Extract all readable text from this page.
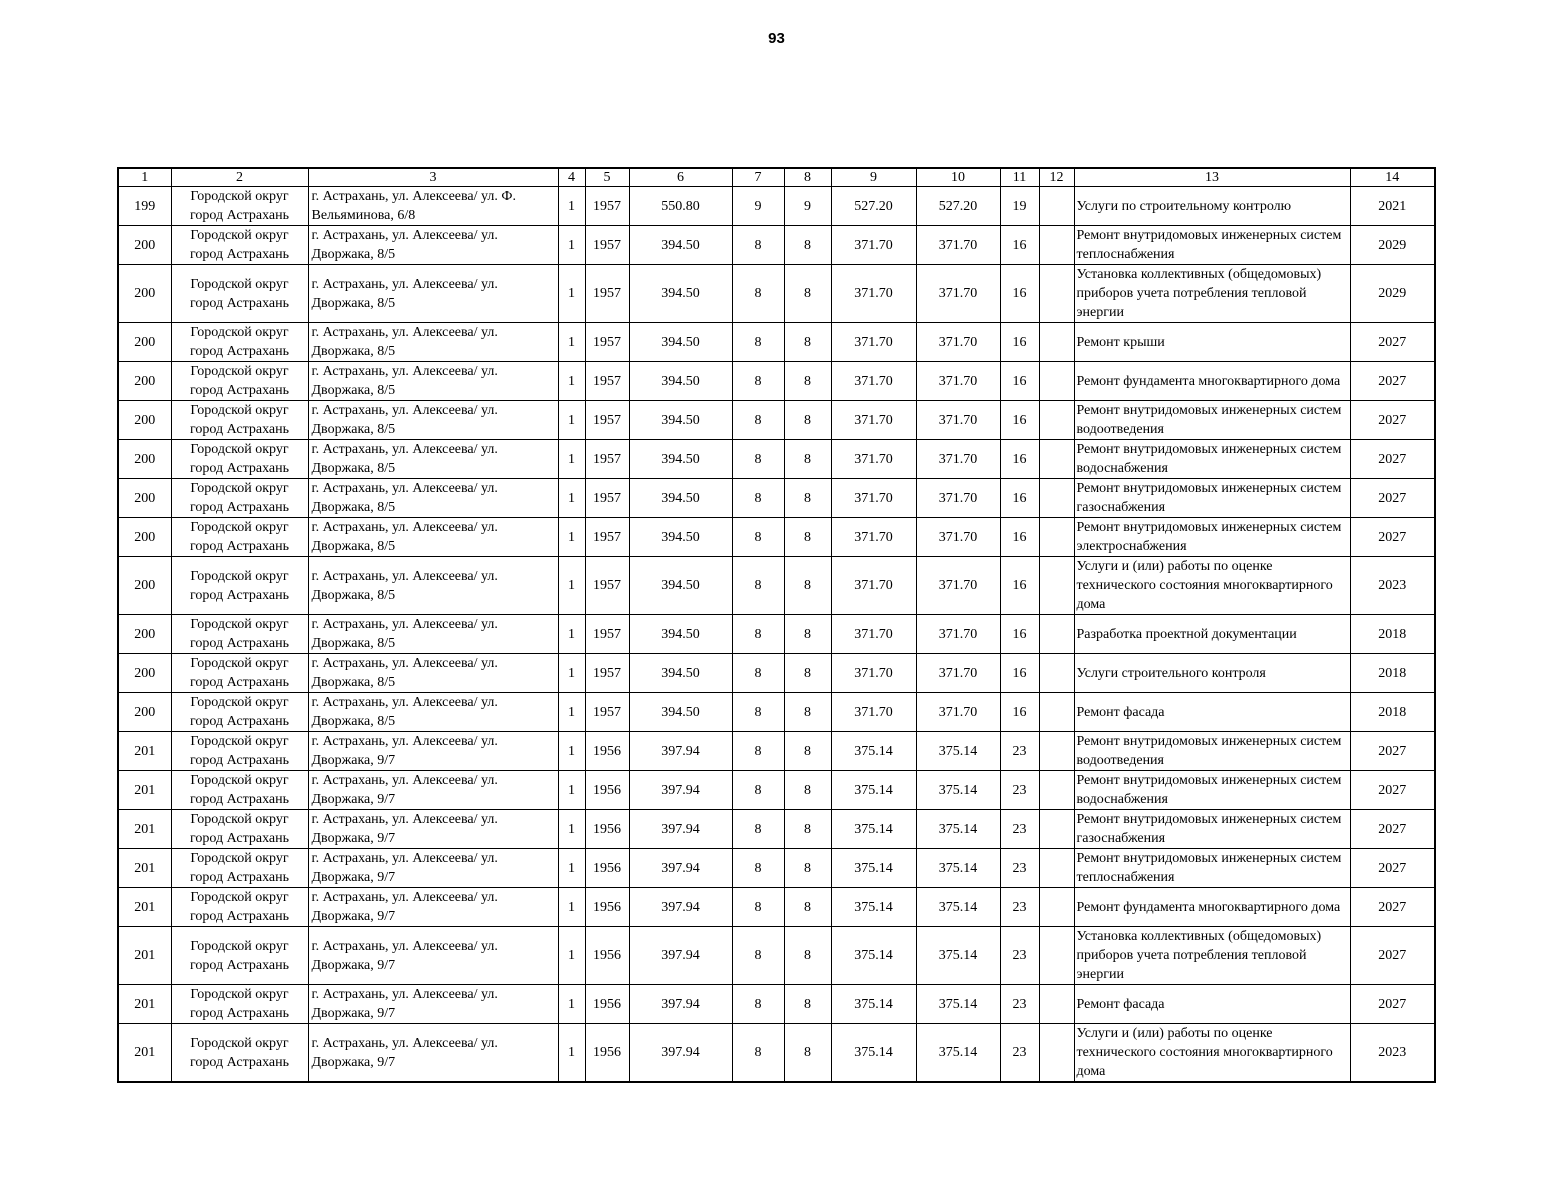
93
1	2	3	4	5	6	7	8	9	10	11	12	13	14
199	Городской округ город Астрахань	г. Астрахань, ул. Алексеева/ ул. Ф. Вельяминова, 6/8	1	1957	550.80	9	9	527.20	527.20	19		Услуги по строительному контролю	2021
200	Городской округ город Астрахань	г. Астрахань, ул. Алексеева/ ул. Дворжака, 8/5	1	1957	394.50	8	8	371.70	371.70	16		Ремонт внутридомовых инженерных систем теплоснабжения	2029
200	Городской округ город Астрахань	г. Астрахань, ул. Алексеева/ ул. Дворжака, 8/5	1	1957	394.50	8	8	371.70	371.70	16		Установка коллективных (общедомовых) приборов учета потребления тепловой энергии	2029
200	Городской округ город Астрахань	г. Астрахань, ул. Алексеева/ ул. Дворжака, 8/5	1	1957	394.50	8	8	371.70	371.70	16		Ремонт крыши	2027
200	Городской округ город Астрахань	г. Астрахань, ул. Алексеева/ ул. Дворжака, 8/5	1	1957	394.50	8	8	371.70	371.70	16		Ремонт фундамента многоквартирного дома	2027
200	Городской округ город Астрахань	г. Астрахань, ул. Алексеева/ ул. Дворжака, 8/5	1	1957	394.50	8	8	371.70	371.70	16		Ремонт внутридомовых инженерных систем водоотведения	2027
200	Городской округ город Астрахань	г. Астрахань, ул. Алексеева/ ул. Дворжака, 8/5	1	1957	394.50	8	8	371.70	371.70	16		Ремонт внутридомовых инженерных систем водоснабжения	2027
200	Городской округ город Астрахань	г. Астрахань, ул. Алексеева/ ул. Дворжака, 8/5	1	1957	394.50	8	8	371.70	371.70	16		Ремонт внутридомовых инженерных систем газоснабжения	2027
200	Городской округ город Астрахань	г. Астрахань, ул. Алексеева/ ул. Дворжака, 8/5	1	1957	394.50	8	8	371.70	371.70	16		Ремонт внутридомовых инженерных систем электроснабжения	2027
200	Городской округ город Астрахань	г. Астрахань, ул. Алексеева/ ул. Дворжака, 8/5	1	1957	394.50	8	8	371.70	371.70	16		Услуги и (или) работы по оценке технического состояния многоквартирного дома	2023
200	Городской округ город Астрахань	г. Астрахань, ул. Алексеева/ ул. Дворжака, 8/5	1	1957	394.50	8	8	371.70	371.70	16		Разработка проектной документации	2018
200	Городской округ город Астрахань	г. Астрахань, ул. Алексеева/ ул. Дворжака, 8/5	1	1957	394.50	8	8	371.70	371.70	16		Услуги строительного контроля	2018
200	Городской округ город Астрахань	г. Астрахань, ул. Алексеева/ ул. Дворжака, 8/5	1	1957	394.50	8	8	371.70	371.70	16		Ремонт фасада	2018
201	Городской округ город Астрахань	г. Астрахань, ул. Алексеева/ ул. Дворжака, 9/7	1	1956	397.94	8	8	375.14	375.14	23		Ремонт внутридомовых инженерных систем водоотведения	2027
201	Городской округ город Астрахань	г. Астрахань, ул. Алексеева/ ул. Дворжака, 9/7	1	1956	397.94	8	8	375.14	375.14	23		Ремонт внутридомовых инженерных систем водоснабжения	2027
201	Городской округ город Астрахань	г. Астрахань, ул. Алексеева/ ул. Дворжака, 9/7	1	1956	397.94	8	8	375.14	375.14	23		Ремонт внутридомовых инженерных систем газоснабжения	2027
201	Городской округ город Астрахань	г. Астрахань, ул. Алексеева/ ул. Дворжака, 9/7	1	1956	397.94	8	8	375.14	375.14	23		Ремонт внутридомовых инженерных систем теплоснабжения	2027
201	Городской округ город Астрахань	г. Астрахань, ул. Алексеева/ ул. Дворжака, 9/7	1	1956	397.94	8	8	375.14	375.14	23		Ремонт фундамента многоквартирного дома	2027
201	Городской округ город Астрахань	г. Астрахань, ул. Алексеева/ ул. Дворжака, 9/7	1	1956	397.94	8	8	375.14	375.14	23		Установка коллективных (общедомовых) приборов учета потребления тепловой энергии	2027
201	Городской округ город Астрахань	г. Астрахань, ул. Алексеева/ ул. Дворжака, 9/7	1	1956	397.94	8	8	375.14	375.14	23		Ремонт фасада	2027
201	Городской округ город Астрахань	г. Астрахань, ул. Алексеева/ ул. Дворжака, 9/7	1	1956	397.94	8	8	375.14	375.14	23		Услуги и (или) работы по оценке технического состояния многоквартирного дома	2023
